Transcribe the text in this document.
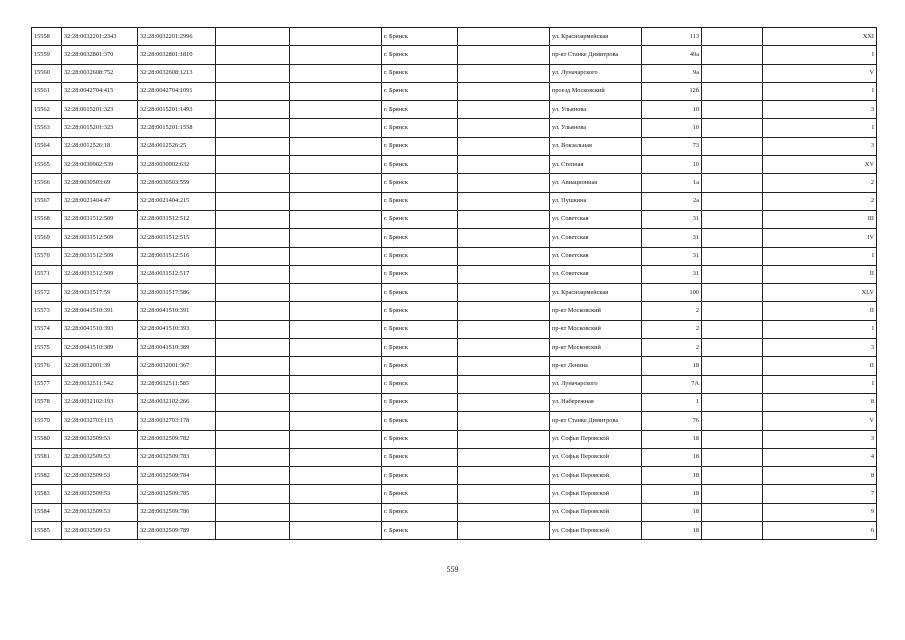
15558	32:28:0032201:2343	32:28:0032201:2996			г. Брянск		ул. Красноармейская	113		XXI
15559	32:28:0032801:370	32:28:0032801:1810			г. Брянск		пр-кт Станке Димитрова	49а		I
15560	32:28:0032608:752	32:28:0032608:1213			г. Брянск		ул. Луначарского	9а		V
15561	32:28:0042704:415	32:28:0042704:1091			г. Брянск		проезд Московский	12б		I
15562	32:28:0015201:323	32:28:0015201:1493			г. Брянск		ул. Ульянова	10		3
15563	32:28:0015201:323	32:28:0015201:1558			г. Брянск		ул. Ульянова	10		I
15564	32:28:0012526:18	32:28:0012526:25			г. Брянск		ул. Вокзальная	73		3
15565	32:28:0030902:539	32:28:0030902:632			г. Брянск		ул. Степная	10		XV
15566	32:28:0030503:69	32:28:0030503:559			г. Брянск		ул. Авиационная	1а		2
15567	32:28:0021404:47	32:28:0021404:215			г. Брянск		ул. Пушкина	2а		2
15568	32:28:0031512:509	32:28:0031512:512			г. Брянск		ул. Советская	31		III
15569	32:28:0031512:509	32:28:0031512:515			г. Брянск		ул. Советская	31		IV
15570	32:28:0031512:509	32:28:0031512:516			г. Брянск		ул. Советская	31		I
15571	32:28:0031512:509	32:28:0031512:517			г. Брянск		ул. Советская	31		II
15572	32:28:0031517:59	32:28:0031517:586			г. Брянск		ул. Красноармейская	100		XLV
15573	32:28:0041510:391	32:28:0041510:391			г. Брянск		пр-кт Московский	2		II
15574	32:28:0041510:393	32:28:0041510:393			г. Брянск		пр-кт Московский	2		I
15575	32:28:0041510:389	32:28:0041510:389			г. Брянск		пр-кт Московский	2		3
15576	32:28:0032001:39	32:28:0032001:367			г. Брянск		пр-кт Ленина	18		II
15577	32:28:0032511:542	32:28:0032511:585			г. Брянск		ул. Луначарского	7А		I
15578	32:28:0032102:193	32:28:0032102:266			г. Брянск		ул. Набережная	1		8
15579	32:28:0032703:115	32:28:0032703:178			г. Брянск		пр-кт Станке Димитрова	76		V
15580	32:28:0032509:53	32:28:0032509:782			г. Брянск		ул. Софьи Перовской	18		3
15581	32:28:0032509:53	32:28:0032509:783			г. Брянск		ул. Софьи Перовской	18		4
15582	32:28:0032509:53	32:28:0032509:784			г. Брянск		ул. Софьи Перовской	18		8
15583	32:28:0032509:53	32:28:0032509:785			г. Брянск		ул. Софьи Перовской	18		7
15584	32:28:0032509:53	32:28:0032509:786			г. Брянск		ул. Софьи Перовской	18		9
15585	32:28:0032509:53	32:28:0032509:789			г. Брянск		ул. Софьи Перовской	18		6
559
